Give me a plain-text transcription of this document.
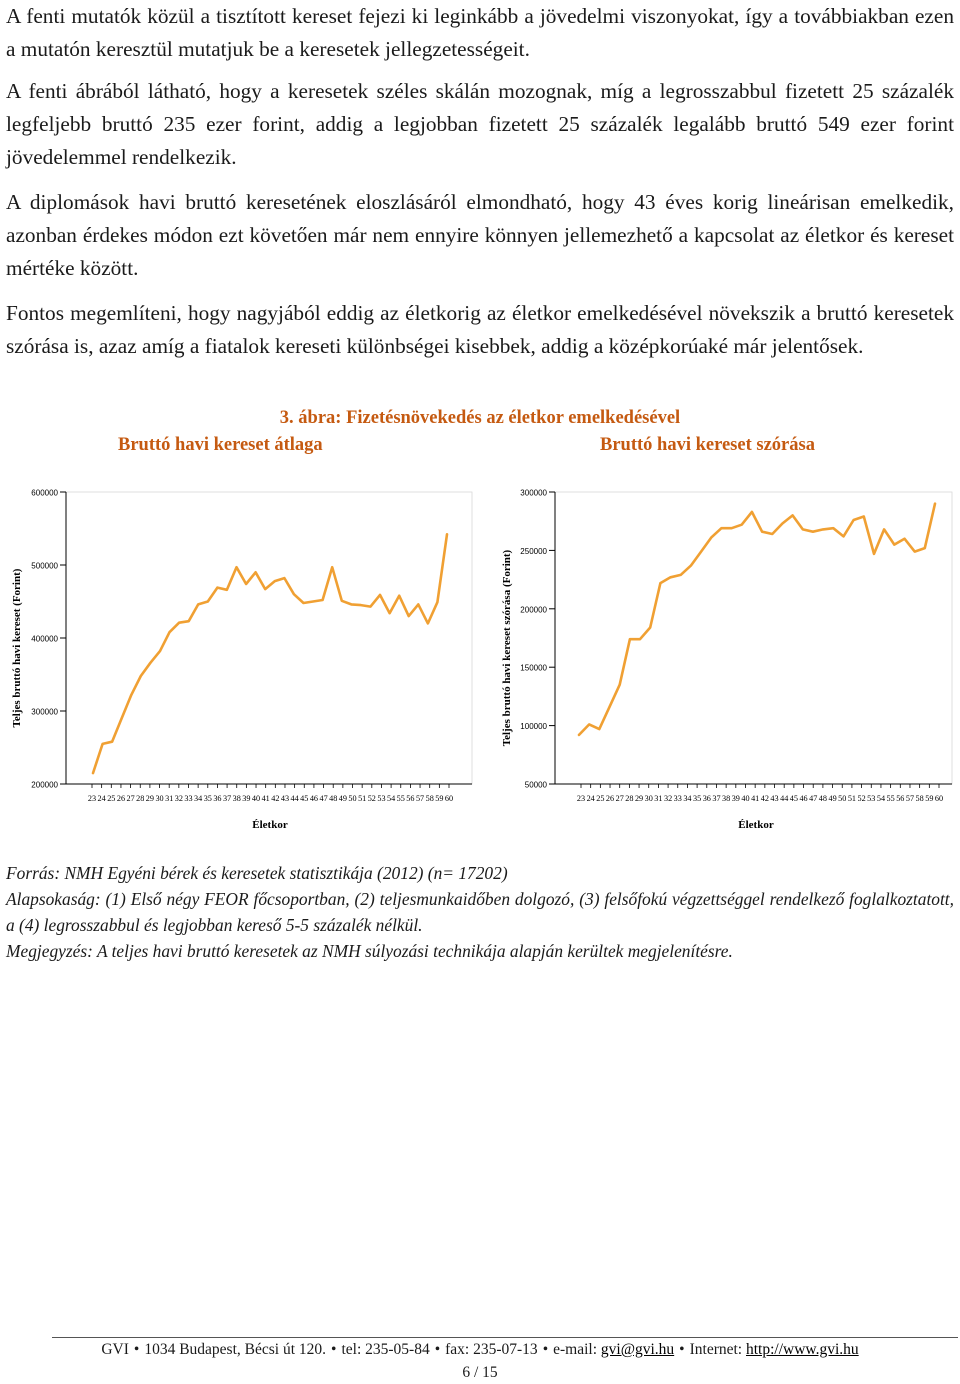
A fenti mutatók közül a tisztított kereset fejezi ki leginkább a jövedelmi viszonyokat, így a továbbiakban ezen a mutatón keresztül mutatjuk be a keresetek jellegzetességeit.

A fenti ábrából látható, hogy a keresetek széles skálán mozognak, míg a legrosszabbul fizetett 25 százalék legfeljebb bruttó 235 ezer forint, addig a legjobban fizetett 25 százalék legalább bruttó 549 ezer forint jövedelemmel rendelkezik.

A diplomások havi bruttó keresetének eloszlásáról elmondható, hogy 43 éves korig lineárisan emelkedik, azonban érdekes módon ezt követően már nem ennyire könnyen jellemezhető a kapcsolat az életkor és kereset mértéke között.

Fontos megemlíteni, hogy nagyjából eddig az életkorig az életkor emelkedésével növekszik a bruttó keresetek szórása is, azaz amíg a fiatalok kereseti különbségei kisebbek, addig a középkorúaké már jelentősek.

3. ábra: Fizetésnövekedés az életkor emelkedésével
Bruttó havi kereset átlaga	Bruttó havi kereset szórása
200000
300000
400000
500000
600000
23 24 25 26 27 28 29 30 31 32 33 34 35 36 37 38 39 40 41 42 43 44 45 46 47 48 49 50 51 52 53 54 55 56 57 58 59 60
Életkor
Teljes bruttó havi kereset (Forint)
50000
100000
150000
200000
250000
300000
23 24 25 26 27 28 29 30 31 32 33 34 35 36 37 38 39 40 41 42 43 44 45 46 47 48 49 50 51 52 53 54 55 56 57 58 59 60
Életkor
Teljes bruttó havi kereset szórása (Forint)

Forrás: NMH Egyéni bérek és keresetek statisztikája (2012) (n= 17202)

Alapsokaság: (1) Első négy FEOR főcsoportban, (2) teljesmunkaidőben dolgozó, (3) felsőfokú végzettséggel rendelkező foglalkoztatott, a (4) legrosszabbul és legjobban kereső 5-5 százalék nélkül.

Megjegyzés: A teljes havi bruttó keresetek az NMH súlyozási technikája alapján kerültek megjelenítésre.

GVI • 1034 Budapest, Bécsi út 120. • tel: 235-05-84 • fax: 235-07-13 • e-mail: gvi@gvi.hu • Internet: http://www.gvi.hu
6 / 15
